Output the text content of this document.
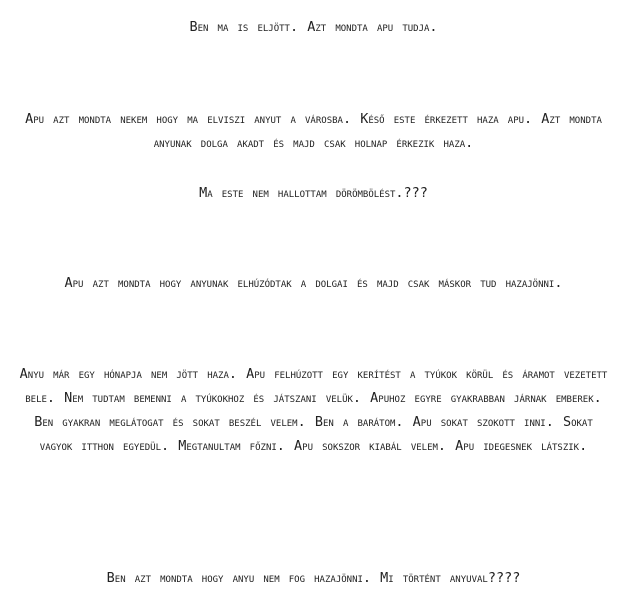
Ben ma is eljött. Azt mondta apu tudja.

Apu azt mondta nekem hogy ma elviszi anyut a városba. Késő este érkezett haza apu. Azt mondta anyunak dolga akadt és majd csak holnap érkezik haza.

Ma este nem hallottam dörömbölést.???

Apu azt mondta hogy anyunak elhúzódtak a dolgai és majd csak máskor tud hazajönni.

Anyu már egy hónapja nem jött haza. Apu felhúzott egy kerítést a tyúkok körül és áramot vezetett bele. Nem tudtam bemenni a tyúkokhoz és játszani velük. Apuhoz egyre gyakrabban járnak emberek. Ben gyakran meglátogat és sokat beszél velem. Ben a barátom. Apu sokat szokott inni. Sokat vagyok itthon egyedül. Megtanultam főzni. Apu sokszor kiabál velem. Apu idegesnek látszik.

Ben azt mondta hogy anyu nem fog hazajönni. Mi történt anyuval????
